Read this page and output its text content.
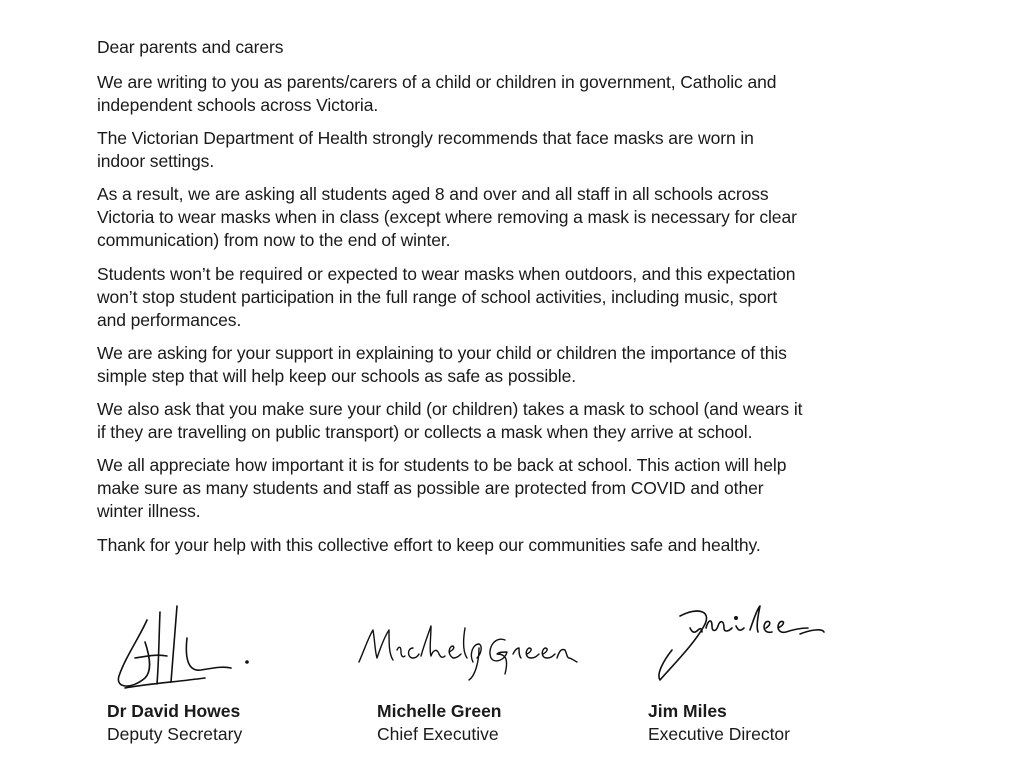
Dear parents and carers

We are writing to you as parents/carers of a child or children in government, Catholic and
independent schools across Victoria.

The Victorian Department of Health strongly recommends that face masks are worn in
indoor settings.

As a result, we are asking all students aged 8 and over and all staff in all schools across
Victoria to wear masks when in class (except where removing a mask is necessary for clear
communication) from now to the end of winter.

Students won’t be required or expected to wear masks when outdoors, and this expectation
won’t stop student participation in the full range of school activities, including music, sport
and performances.

We are asking for your support in explaining to your child or children the importance of this
simple step that will help keep our schools as safe as possible.

We also ask that you make sure your child (or children) takes a mask to school (and wears it
if they are travelling on public transport) or collects a mask when they arrive at school.

We all appreciate how important it is for students to be back at school. This action will help
make sure as many students and staff as possible are protected from COVID and other
winter illness.

Thank for your help with this collective effort to keep our communities safe and healthy.

Dr David Howes
Deputy Secretary
Michelle Green
Chief Executive
Jim Miles
Executive Director
